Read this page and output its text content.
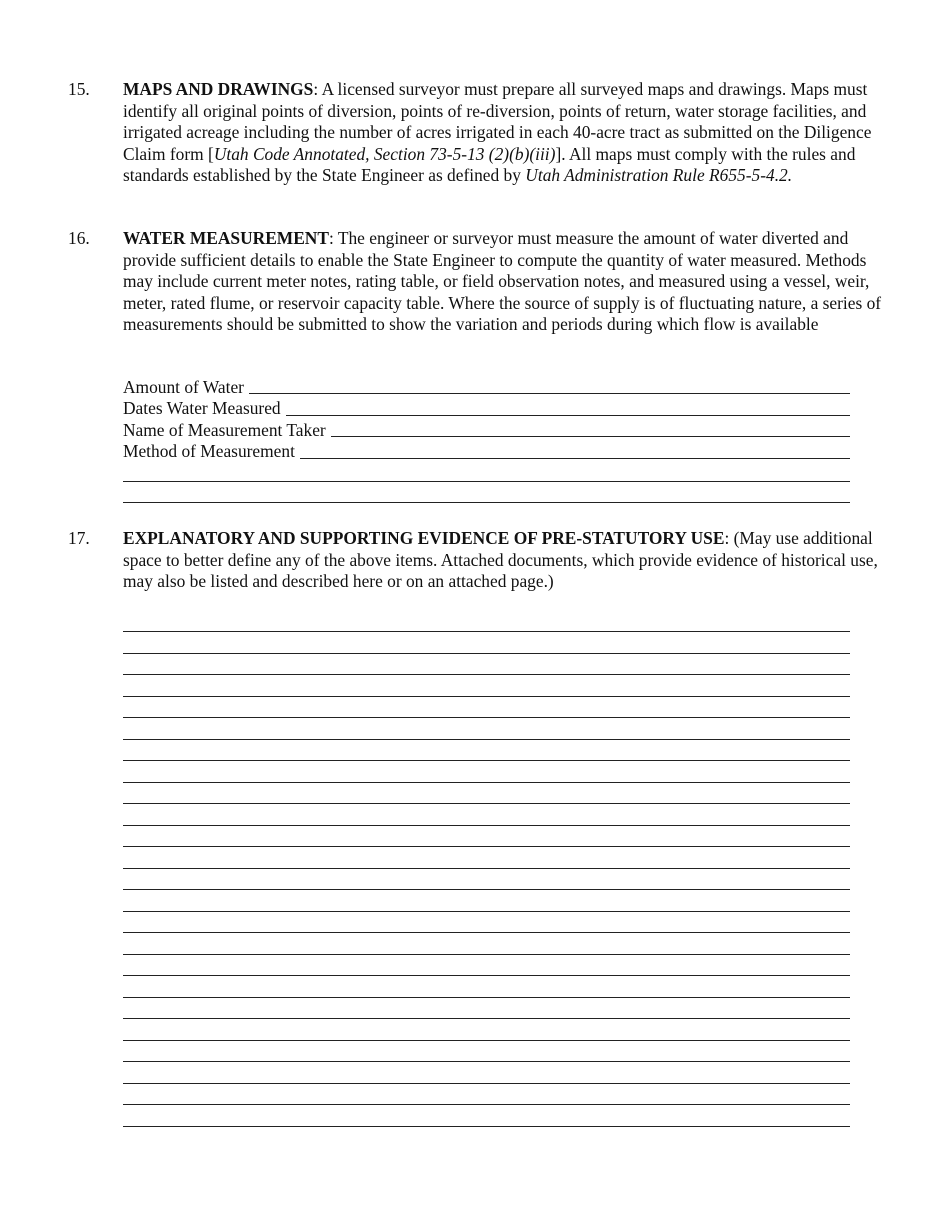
15.	MAPS AND DRAWINGS: A licensed surveyor must prepare all surveyed maps and drawings. Maps must identify all original points of diversion, points of re-diversion, points of return, water storage facilities, and irrigated acreage including the number of acres irrigated in each 40-acre tract as submitted on the Diligence Claim form [Utah Code Annotated, Section 73-5-13 (2)(b)(iii)]. All maps must comply with the rules and standards established by the State Engineer as defined by Utah Administration Rule R655-5-4.2.
16.	WATER MEASUREMENT: The engineer or surveyor must measure the amount of water diverted and provide sufficient details to enable the State Engineer to compute the quantity of water measured. Methods may include current meter notes, rating table, or field observation notes, and measured using a vessel, weir, meter, rated flume, or reservoir capacity table. Where the source of supply is of fluctuating nature, a series of measurements should be submitted to show the variation and periods during which flow is available
Amount of Water
Dates Water Measured
Name of Measurement Taker
Method of Measurement
17.	EXPLANATORY AND SUPPORTING EVIDENCE OF PRE-STATUTORY USE: (May use additional space to better define any of the above items. Attached documents, which provide evidence of historical use, may also be listed and described here or on an attached page.)
